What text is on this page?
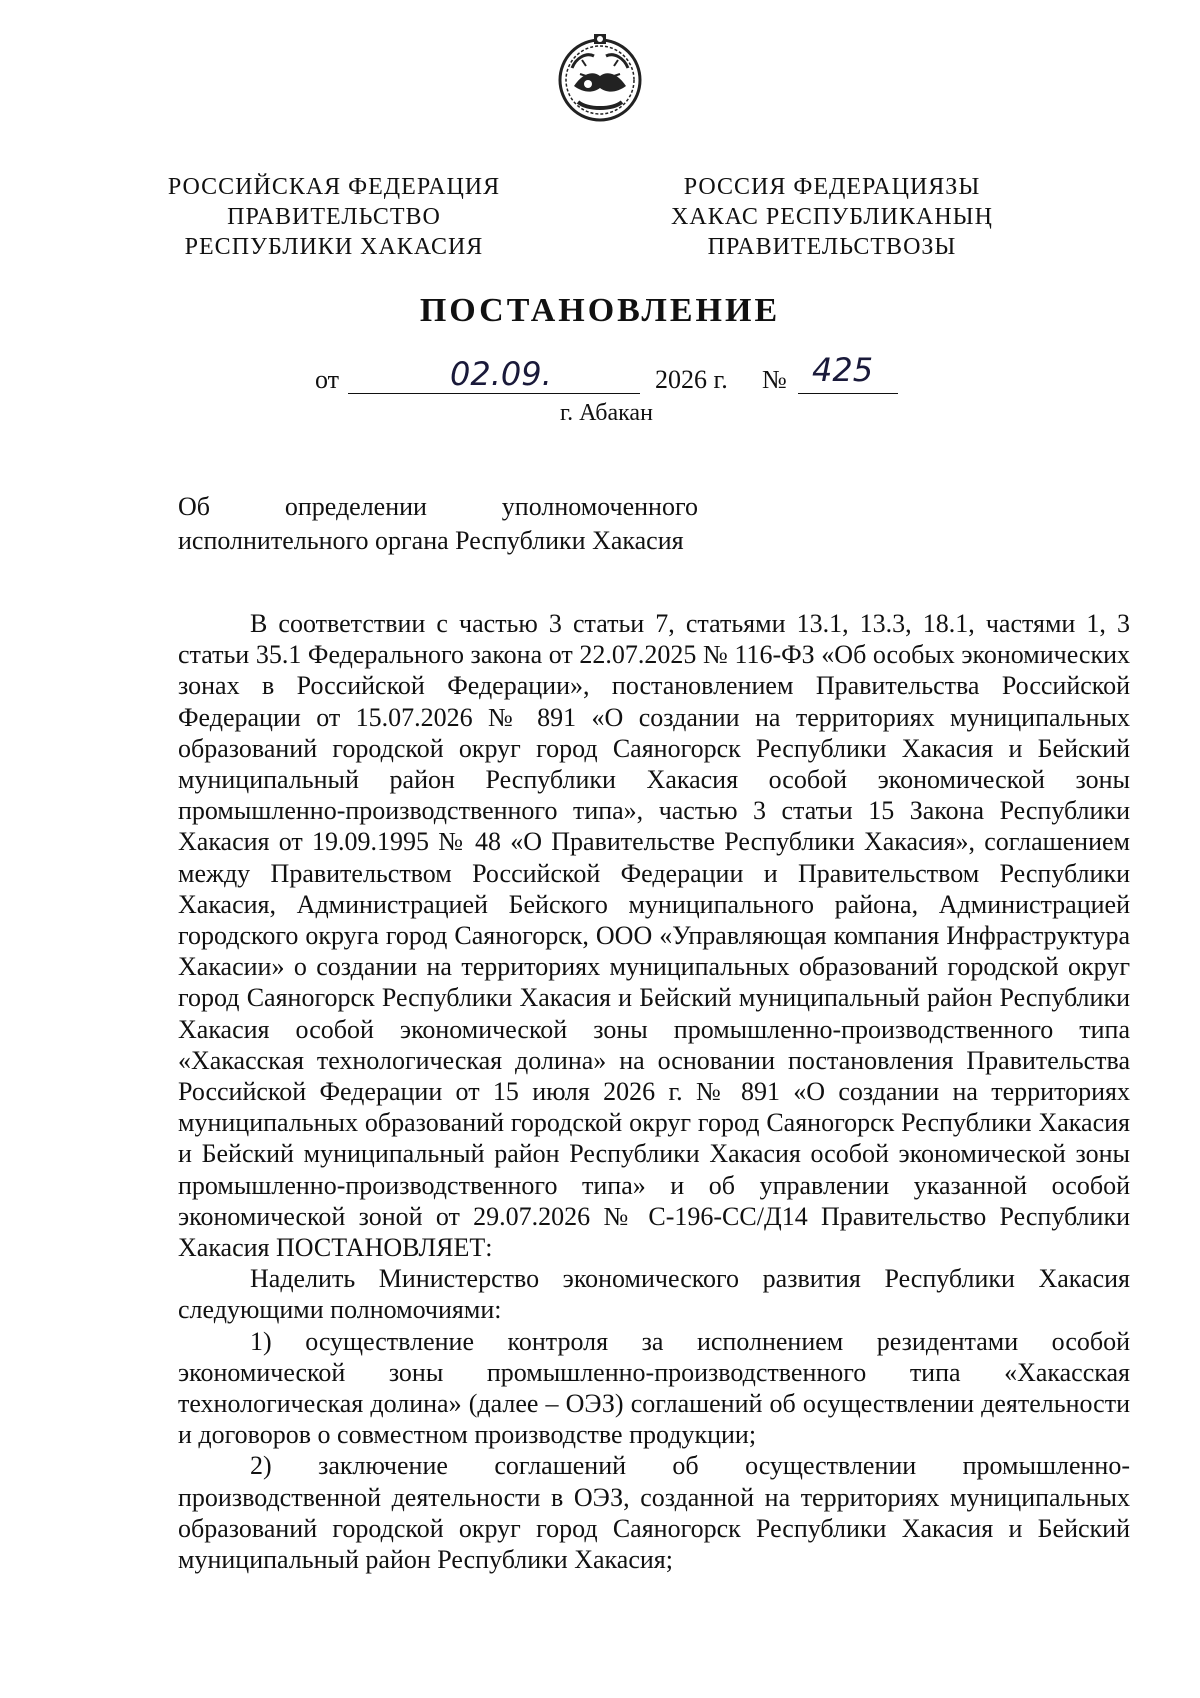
РОССИЙСКАЯ ФЕДЕРАЦИЯ
ПРАВИТЕЛЬСТВО
РЕСПУБЛИКИ ХАКАСИЯ
РОССИЯ ФЕДЕРАЦИЯЗЫ
ХАКАС РЕСПУБЛИКАНЫҢ
ПРАВИТЕЛЬСТВОЗЫ
ПОСТАНОВЛЕНИЕ
от	02.09.	2026 г. № 425
г. Абакан
Об	определении	уполномоченного
исполнительного органа Республики Хакасия

В соответствии с частью 3 статьи 7, статьями 13.1, 13.3, 18.1, частями 1, 3 статьи 35.1 Федерального закона от 22.07.2025 № 116-ФЗ «Об особых экономических зонах в Российской Федерации», постановлением Правительства Российской Федерации от 15.07.2026 № 891 «О создании на территориях муниципальных образований городской округ город Саяногорск Республики Хакасия и Бейский муниципальный район Республики Хакасия особой экономической зоны промышленно-производственного типа», частью 3 статьи 15 Закона Республики Хакасия от 19.09.1995 № 48 «О Правительстве Республики Хакасия», соглашением между Правительством Российской Федерации и Правительством Республики Хакасия, Администрацией Бейского муниципального района, Администрацией городского округа город Саяногорск, ООО «Управляющая компания Инфраструктура Хакасии» о создании на территориях муниципальных образований городской округ город Саяногорск Республики Хакасия и Бейский муниципальный район Республики Хакасия особой экономической зоны промышленно-производственного типа «Хакасская технологическая долина» на основании постановления Правительства Российской Федерации от 15 июля 2026 г. № 891 «О создании на территориях муниципальных образований городской округ город Саяногорск Республики Хакасия и Бейский муниципальный район Республики Хакасия особой экономической зоны промышленно-производственного типа» и об управлении указанной особой экономической зоной от 29.07.2026 № С-196-СС/Д14 Правительство Республики Хакасия ПОСТАНОВЛЯЕТ:

Наделить Министерство экономического развития Республики Хакасия следующими полномочиями:

1) осуществление контроля за исполнением резидентами особой экономической зоны промышленно-производственного типа «Хакасская технологическая долина» (далее – ОЭЗ) соглашений об осуществлении деятельности и договоров о совместном производстве продукции;

2) заключение соглашений об осуществлении промышленно-производственной деятельности в ОЭЗ, созданной на территориях муниципальных образований городской округ город Саяногорск Республики Хакасия и Бейский муниципальный район Республики Хакасия;
